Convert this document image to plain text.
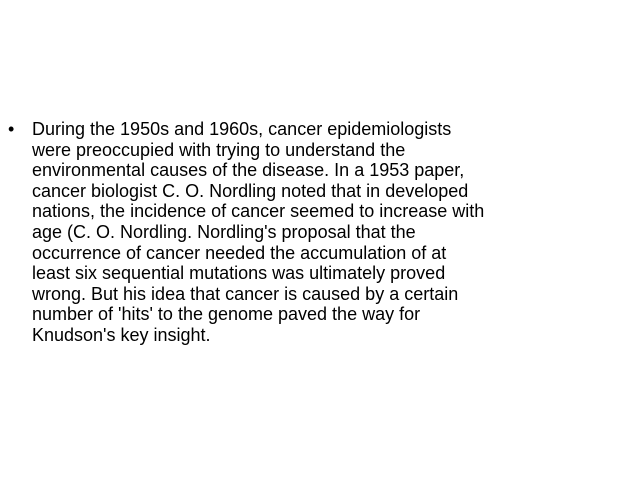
• During the 1950s and 1960s, cancer epidemiologists
were preoccupied with trying to understand the
environmental causes of the disease. In a 1953 paper,
cancer biologist C. O. Nordling noted that in developed
nations, the incidence of cancer seemed to increase with
age (C. O. Nordling. Nordling's proposal that the
occurrence of cancer needed the accumulation of at
least six sequential mutations was ultimately proved
wrong. But his idea that cancer is caused by a certain
number of 'hits' to the genome paved the way for
Knudson's key insight.
